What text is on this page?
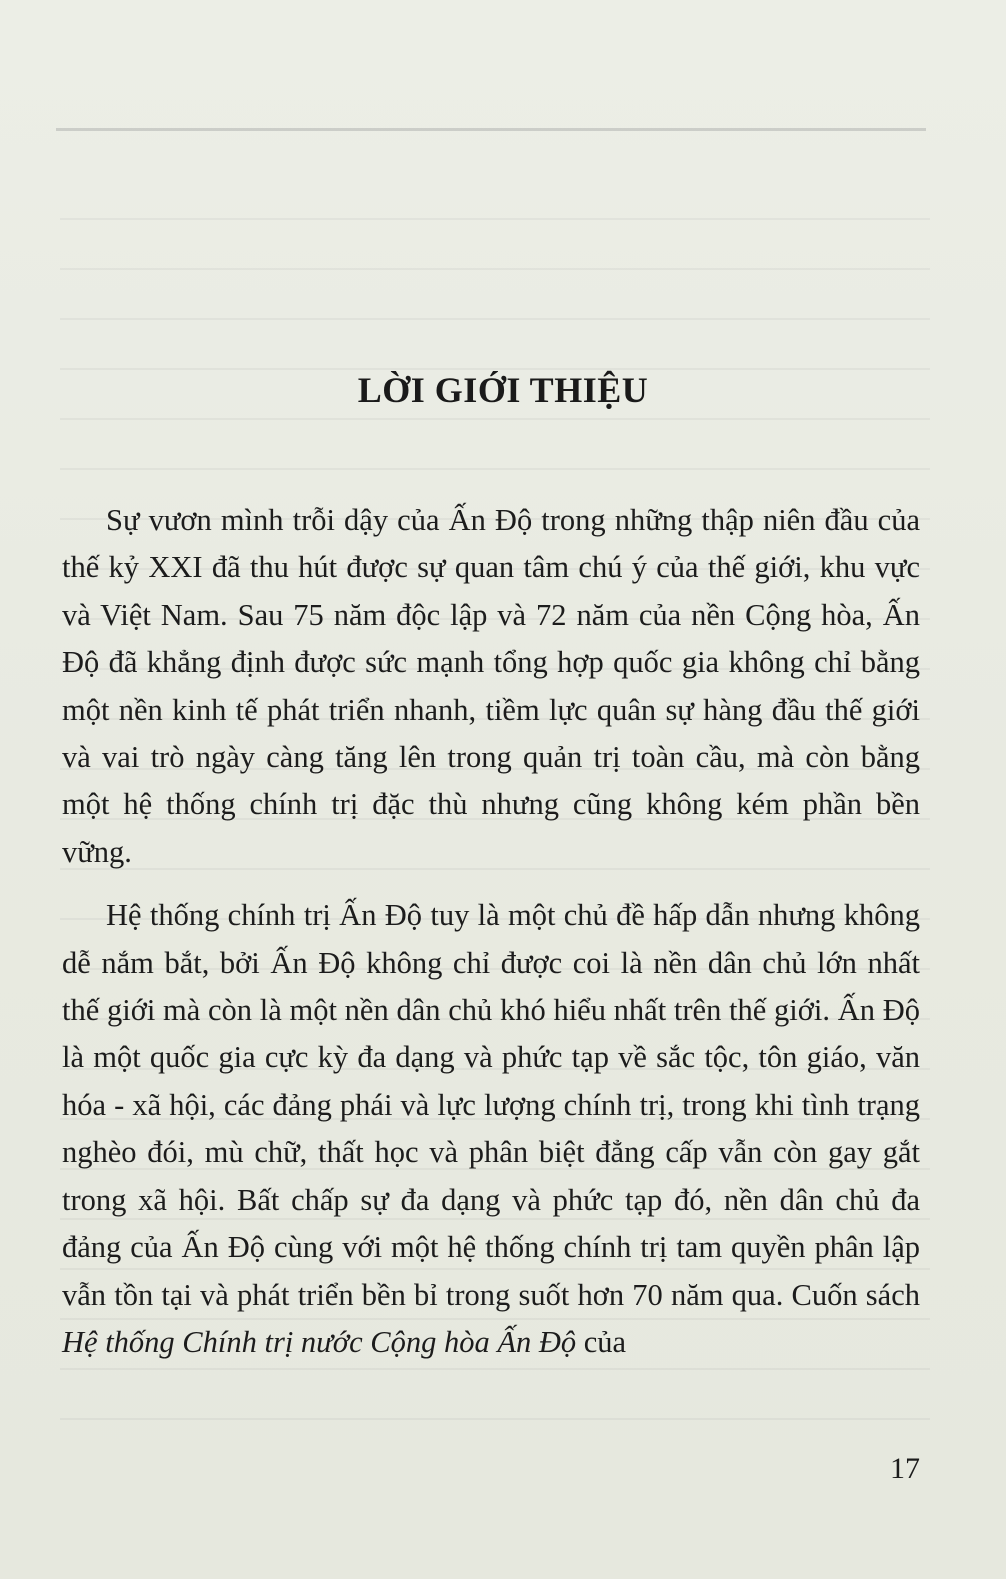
LỜI GIỚI THIỆU

Sự vươn mình trỗi dậy của Ấn Độ trong những thập niên đầu của thế kỷ XXI đã thu hút được sự quan tâm chú ý của thế giới, khu vực và Việt Nam. Sau 75 năm độc lập và 72 năm của nền Cộng hòa, Ấn Độ đã khẳng định được sức mạnh tổng hợp quốc gia không chỉ bằng một nền kinh tế phát triển nhanh, tiềm lực quân sự hàng đầu thế giới và vai trò ngày càng tăng lên trong quản trị toàn cầu, mà còn bằng một hệ thống chính trị đặc thù nhưng cũng không kém phần bền vững.

Hệ thống chính trị Ấn Độ tuy là một chủ đề hấp dẫn nhưng không dễ nắm bắt, bởi Ấn Độ không chỉ được coi là nền dân chủ lớn nhất thế giới mà còn là một nền dân chủ khó hiểu nhất trên thế giới. Ấn Độ là một quốc gia cực kỳ đa dạng và phức tạp về sắc tộc, tôn giáo, văn hóa - xã hội, các đảng phái và lực lượng chính trị, trong khi tình trạng nghèo đói, mù chữ, thất học và phân biệt đẳng cấp vẫn còn gay gắt trong xã hội. Bất chấp sự đa dạng và phức tạp đó, nền dân chủ đa đảng của Ấn Độ cùng với một hệ thống chính trị tam quyền phân lập vẫn tồn tại và phát triển bền bỉ trong suốt hơn 70 năm qua. Cuốn sách Hệ thống Chính trị nước Cộng hòa Ấn Độ của

17
